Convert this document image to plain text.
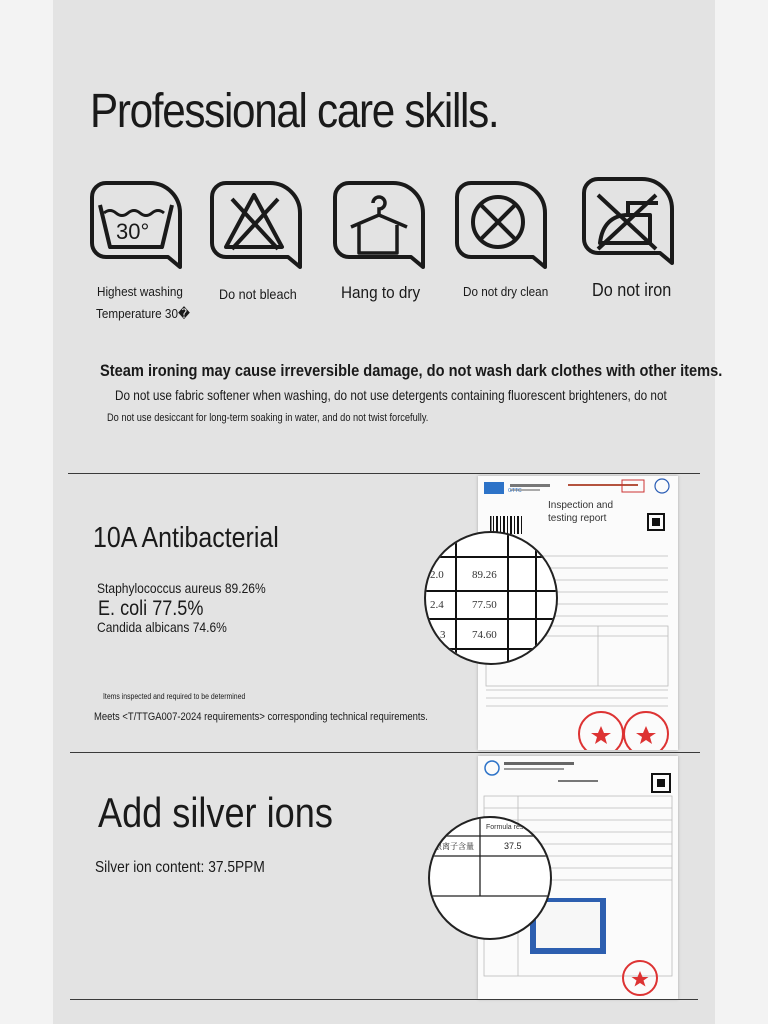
Professional care skills.
30°
Highest washing
Temperature 30�
Do not bleach	Hang to dry	Do not dry clean Do not iron
Steam ironing may cause irreversible damage, do not wash dark clothes with other items.
Do not use fabric softener when washing, do not use detergents containing fluorescent brighteners, do not
Do not use desiccant for long-term soaking in water, and do not twist forcefully.
10A Antibacterial
Staphylococcus aureus 89.26%
E. coli 77.5%
Candida albicans 74.6%
Items inspected and required to be determined
Meets <T/TTGA007-2024 requirements> corresponding technical requirements.
Inspection and
testing report
GTTC
2.0	89.26
2.4	77.50
3 74.60
Add silver ions
Silver ion content: 37.5PPM
Formula result
银离子含量	37.5
